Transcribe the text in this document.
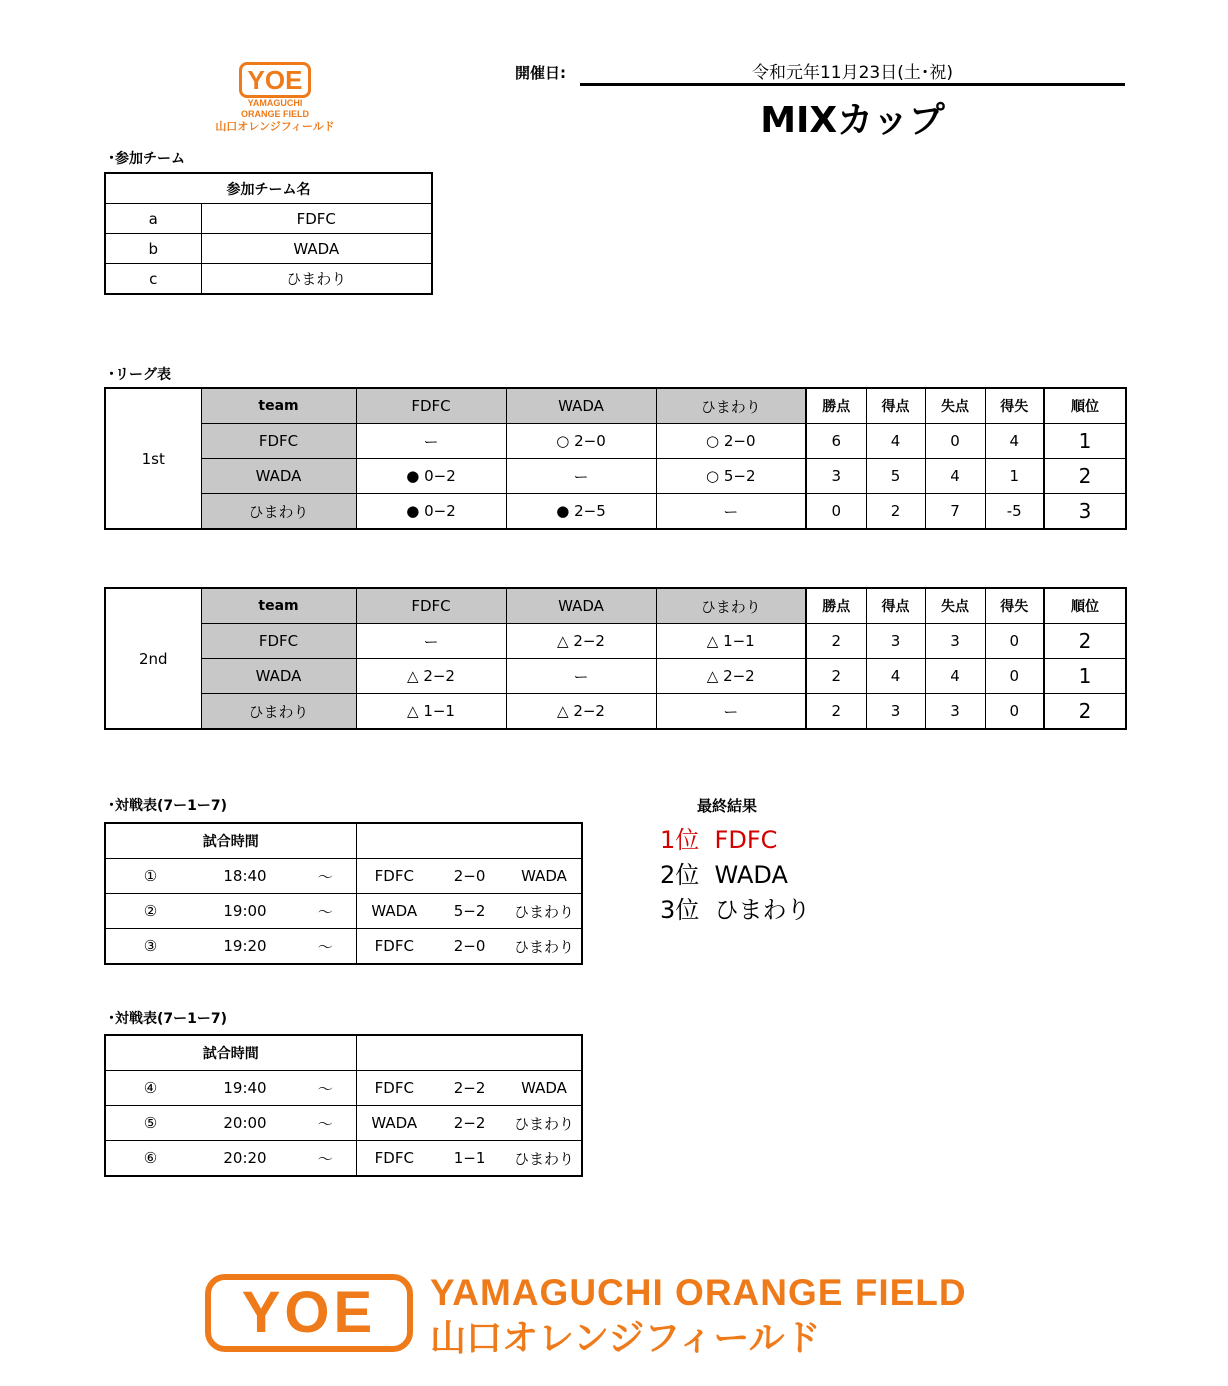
YOE
YAMAGUCHI
ORANGE FIELD
山口オレンジフィールド
開催日:	令和元年11月23日(土･祝)
MIXカップ
･参加チーム
参加チーム名	
a	FDFC
b	WADA
c	ひまわり
･リーグ表
1st	team	FDFC	WADA	ひまわり	勝点	得点	失点	得失	順位
	FDFC	ー	○ 2−0	○ 2−0	6	4	0	4	1
	WADA	● 0−2	ー	○ 5−2	3	5	4	1	2
	ひまわり	● 0−2	● 2−5	ー	0	2	7	-5	3
2nd	team	FDFC	WADA	ひまわり	勝点	得点	失点	得失	順位
	FDFC	ー	△ 2−2	△ 1−1	2	3	3	0	2
	WADA	△ 2−2	ー	△ 2−2	2	4	4	0	1
	ひまわり	△ 1−1	△ 2−2	ー	2	3	3	0	2
･対戦表(7ー1ー7)
試合時間					
①	18:40	〜	FDFC	2−0	WADA
②	19:00	〜	WADA	5−2	ひまわり
③	19:20	〜	FDFC	2−0	ひまわり
･対戦表(7ー1ー7)
試合時間					
④	19:40	〜	FDFC	2−2	WADA
⑤	20:00	〜	WADA	2−2	ひまわり
⑥	20:20	〜	FDFC	1−1	ひまわり
最終結果
1位 FDFC
2位 WADA
3位 ひまわり
YOE	YAMAGUCHI ORANGE FIELD
山口オレンジフィールド
